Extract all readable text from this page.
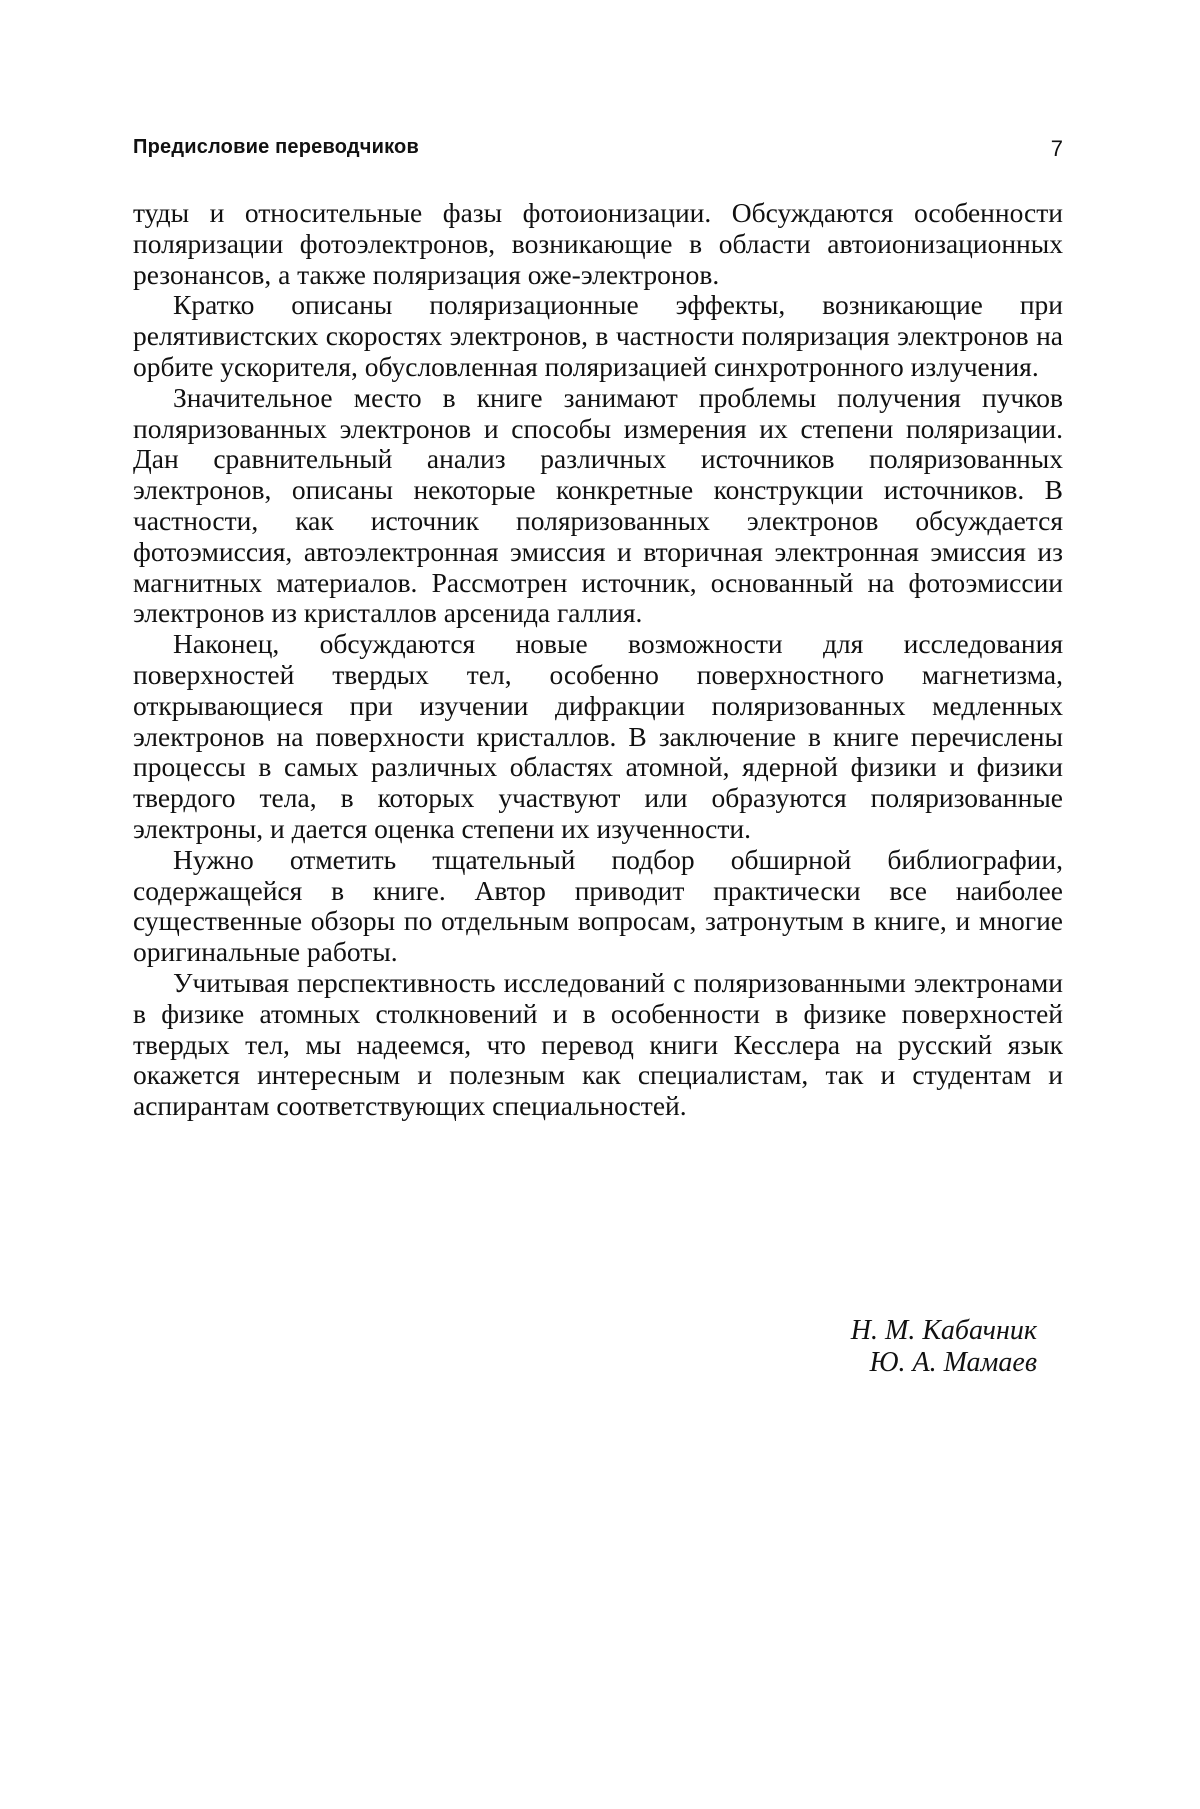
Предисловие переводчиков	7

туды и относительные фазы фотоионизации. Обсуждаются особенности поляризации фотоэлектронов, возникающие в области автоионизационных резонансов, а также поляризация оже-электронов.

Кратко описаны поляризационные эффекты, возникающие при релятивистских скоростях электронов, в частности поляризация электронов на орбите ускорителя, обусловленная поляризацией синхротронного излучения.

Значительное место в книге занимают проблемы получения пучков поляризованных электронов и способы измерения их степени поляризации. Дан сравнительный анализ различных источников поляризованных электронов, описаны некоторые конкретные конструкции источников. В частности, как источник поляризованных электронов обсуждается фотоэмиссия, автоэлектронная эмиссия и вторичная электронная эмиссия из магнитных материалов. Рассмотрен источник, основанный на фотоэмиссии электронов из кристаллов арсенида галлия.

Наконец, обсуждаются новые возможности для исследования поверхностей твердых тел, особенно поверхностного магнетизма, открывающиеся при изучении дифракции поляризованных медленных электронов на поверхности кристаллов. В заключение в книге перечислены процессы в самых различных областях атомной, ядерной физики и физики твердого тела, в которых участвуют или образуются поляризованные электроны, и дается оценка степени их изученности.

Нужно отметить тщательный подбор обширной библиографии, содержащейся в книге. Автор приводит практически все наиболее существенные обзоры по отдельным вопросам, затронутым в книге, и многие оригинальные работы.

Учитывая перспективность исследований с поляризованными электронами в физике атомных столкновений и в особенности в физике поверхностей твердых тел, мы надеемся, что перевод книги Кесслера на русский язык окажется интересным и полезным как специалистам, так и студентам и аспирантам соответствующих специальностей.

Н. М. Кабачник
Ю. А. Мамаев
